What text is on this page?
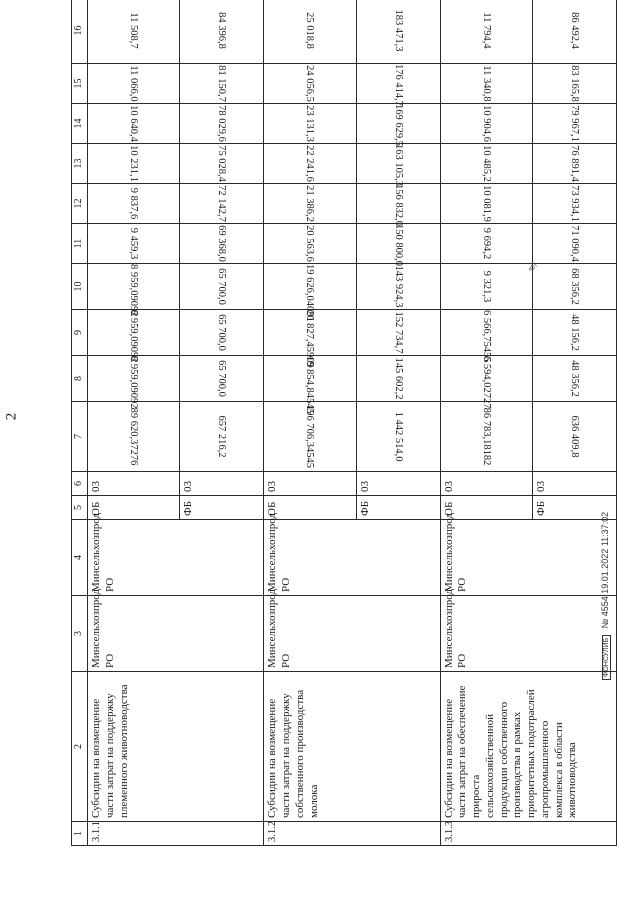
2
≋/
1	2	3	4	5	6	7	8	9	10	11	12	13	14	15	16
3.1.1	Субсидии на возмещение части затрат на поддержку племенного животноводства	Минсельхозпрод РО	Минсельхозпрод РО	ОБ	03	89 620,37276	8 959,09092	8 959,09092	8 959,09092	9 459,3	9 837,6	10 231,1	10 640,4	11 066,0	11 508,7

				ФБ	03	657 216,2	65 700,0	65 700,0	65 700,0	69 368,0	72 142,7	75 028,4	78 029,6	81 150,7	84 396,8

3.1.2	Субсидии на возмещение части затрат на поддержку собственного производства молока	Минсельхозпрод РО	Минсельхозпрод РО	ОБ	03	196 706,34545	19 854,84545	20 827,45909	19 626,04091	20 563,6	21 386,2	22 241,6	23 131,3	24 056,5	25 018,8

				ФБ	03	1 442 514,0	145 602,2	152 734,7	143 924,3	150 800,0	156 832,0	163 105,3	169 629,5	176 414,7	183 471,3

3.1.3	Субсидии на возмещение части затрат на обеспечение прироста сельскохозяйственной продукции собственного производства в рамках приоритетных подотраслей агропромышленного комплекса в области животноводства	Минсельхозпрод РО	Минсельхозпрод РО	ОБ	03	86 783,18182	6 594,02727	6 566,75455	9 321,3	9 694,2	10 081,9	10 485,2	10 904,6	11 340,8	11 794,4

				ФБ	03	636 409,8	48 356,2	48 156,2	68 356,2	71 090,4	73 934,1	76 891,4	79 967,1	83 165,8	86 492,4
ФОНСУЛИБ № 4554 19.01.2022 11:37:02
